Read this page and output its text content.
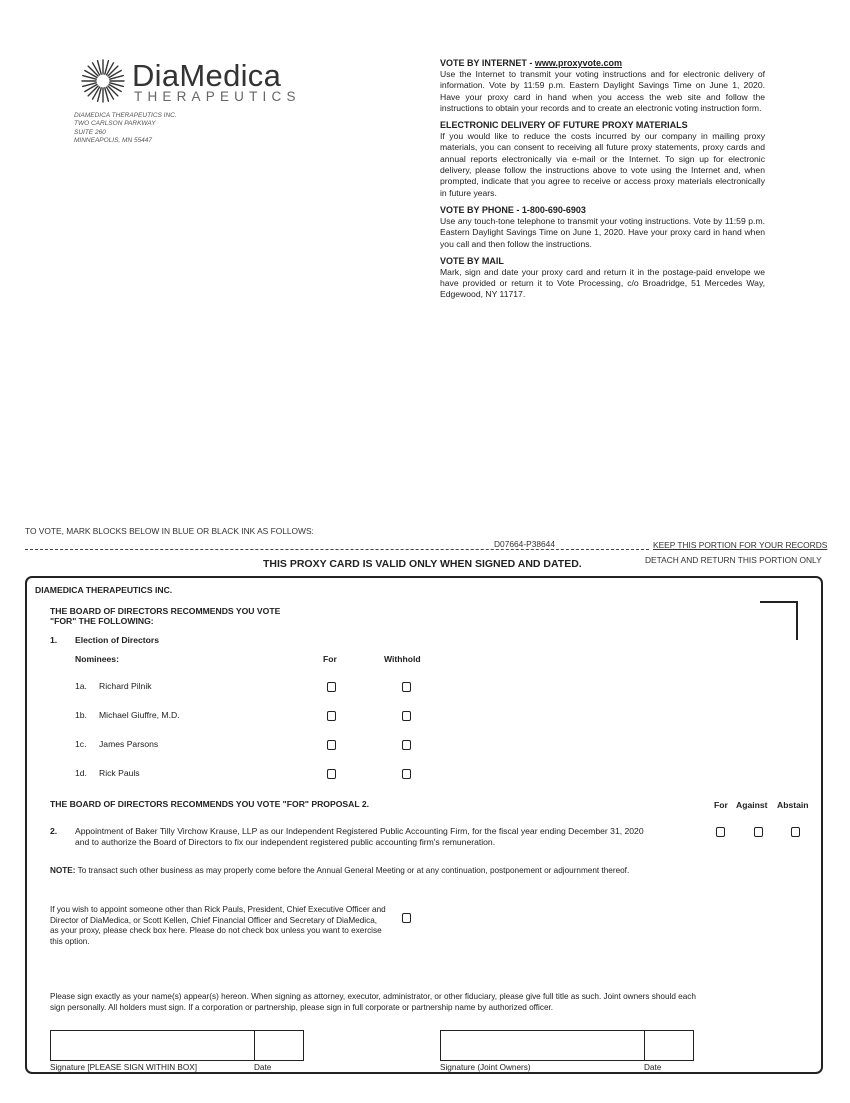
DiaMedica
THERAPEUTICS
DIAMEDICA THERAPEUTICS INC.
TWO CARLSON PARKWAY
SUITE 260
MINNEAPOLIS, MN 55447
VOTE BY INTERNET - www.proxyvote.com

Use the Internet to transmit your voting instructions and for electronic delivery of information. Vote by 11:59 p.m. Eastern Daylight Savings Time on June 1, 2020. Have your proxy card in hand when you access the web site and follow the instructions to obtain your records and to create an electronic voting instruction form.

ELECTRONIC DELIVERY OF FUTURE PROXY MATERIALS

If you would like to reduce the costs incurred by our company in mailing proxy materials, you can consent to receiving all future proxy statements, proxy cards and annual reports electronically via e-mail or the Internet. To sign up for electronic delivery, please follow the instructions above to vote using the Internet and, when prompted, indicate that you agree to receive or access proxy materials electronically in future years.

VOTE BY PHONE - 1-800-690-6903

Use any touch-tone telephone to transmit your voting instructions. Vote by 11:59 p.m. Eastern Daylight Savings Time on June 1, 2020. Have your proxy card in hand when you call and then follow the instructions.

VOTE BY MAIL

Mark, sign and date your proxy card and return it in the postage-paid envelope we have provided or return it to Vote Processing, c/o Broadridge, 51 Mercedes Way, Edgewood, NY 11717.

TO VOTE, MARK BLOCKS BELOW IN BLUE OR BLACK INK AS FOLLOWS:
D07664-P38644	KEEP THIS PORTION FOR YOUR RECORDS
DETACH AND RETURN THIS PORTION ONLY
THIS PROXY CARD IS VALID ONLY WHEN SIGNED AND DATED.
DIAMEDICA THERAPEUTICS INC.
THE BOARD OF DIRECTORS RECOMMENDS YOU VOTE
"FOR" THE FOLLOWING:
1. Election of Directors
Nominees:	For	Withhold
1a. Richard Pilnik
1b. Michael Giuffre, M.D.
1c. James Parsons
1d. Rick Pauls
THE BOARD OF DIRECTORS RECOMMENDS YOU VOTE "FOR" PROPOSAL 2.	For Against Abstain
2. Appointment of Baker Tilly Virchow Krause, LLP as our Independent Registered Public Accounting Firm, for the fiscal year ending December 31, 2020
and to authorize the Board of Directors to fix our independent registered public accounting firm's remuneration.
NOTE: To transact such other business as may properly come before the Annual General Meeting or at any continuation, postponement or adjournment thereof.
If you wish to appoint someone other than Rick Pauls, President, Chief Executive Officer and Director of DiaMedica, or Scott Kellen, Chief Financial Officer and Secretary of DiaMedica, as your proxy, please check box here. Please do not check box unless you want to exercise this option.
Please sign exactly as your name(s) appear(s) hereon. When signing as attorney, executor, administrator, or other fiduciary, please give full title as such. Joint owners should each sign personally. All holders must sign. If a corporation or partnership, please sign in full corporate or partnership name by authorized officer.
Signature [PLEASE SIGN WITHIN BOX]	Date	Signature (Joint Owners)	Date
